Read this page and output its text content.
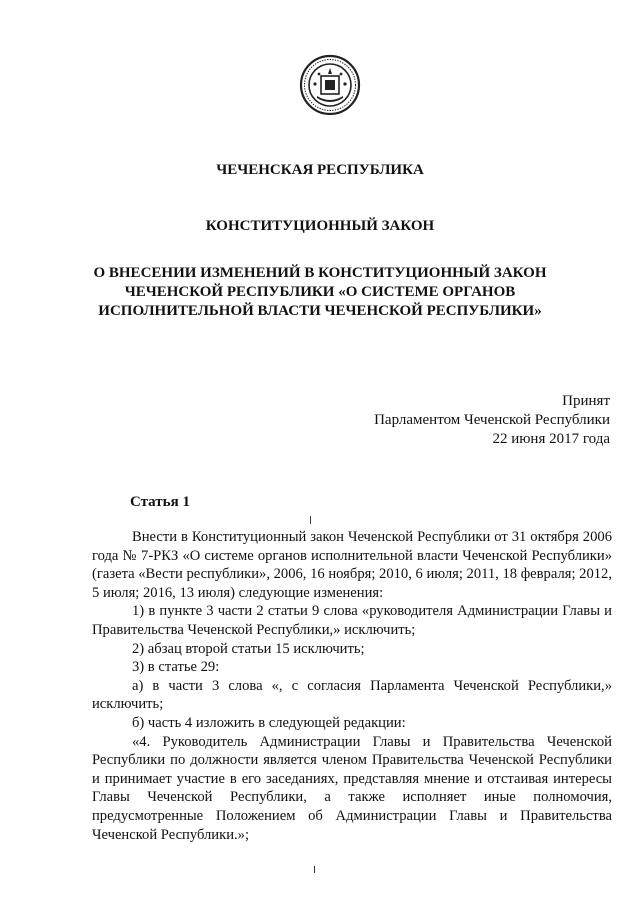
ЧЕЧЕНСКАЯ РЕСПУБЛИКА
КОНСТИТУЦИОННЫЙ ЗАКОН
О ВНЕСЕНИИ ИЗМЕНЕНИЙ В КОНСТИТУЦИОННЫЙ ЗАКОН
ЧЕЧЕНСКОЙ РЕСПУБЛИКИ «О СИСТЕМЕ ОРГАНОВ
ИСПОЛНИТЕЛЬНОЙ ВЛАСТИ ЧЕЧЕНСКОЙ РЕСПУБЛИКИ»
Принят
Парламентом Чеченской Республики
22 июня 2017 года
Статья 1

Внести в Конституционный закон Чеченской Республики от 31 октября 2006 года № 7-РКЗ «О системе органов исполнительной власти Чеченской Республики» (газета «Вести республики», 2006, 16 ноября; 2010, 6 июля; 2011, 18 февраля; 2012, 5 июля; 2016, 13 июля) следующие изменения:

1) в пункте 3 части 2 статьи 9 слова «руководителя Администрации Главы и Правительства Чеченской Республики,» исключить;

2) абзац второй статьи 15 исключить;

3) в статье 29:

а) в части 3 слова «, с согласия Парламента Чеченской Республики,» исключить;

б) часть 4 изложить в следующей редакции:

«4. Руководитель Администрации Главы и Правительства Чеченской Республики по должности является членом Правительства Чеченской Республики и принимает участие в его заседаниях, представляя мнение и отстаивая интересы Главы Чеченской Республики, а также исполняет иные полномочия, предусмотренные Положением об Администрации Главы и Правительства Чеченской Республики.»;
